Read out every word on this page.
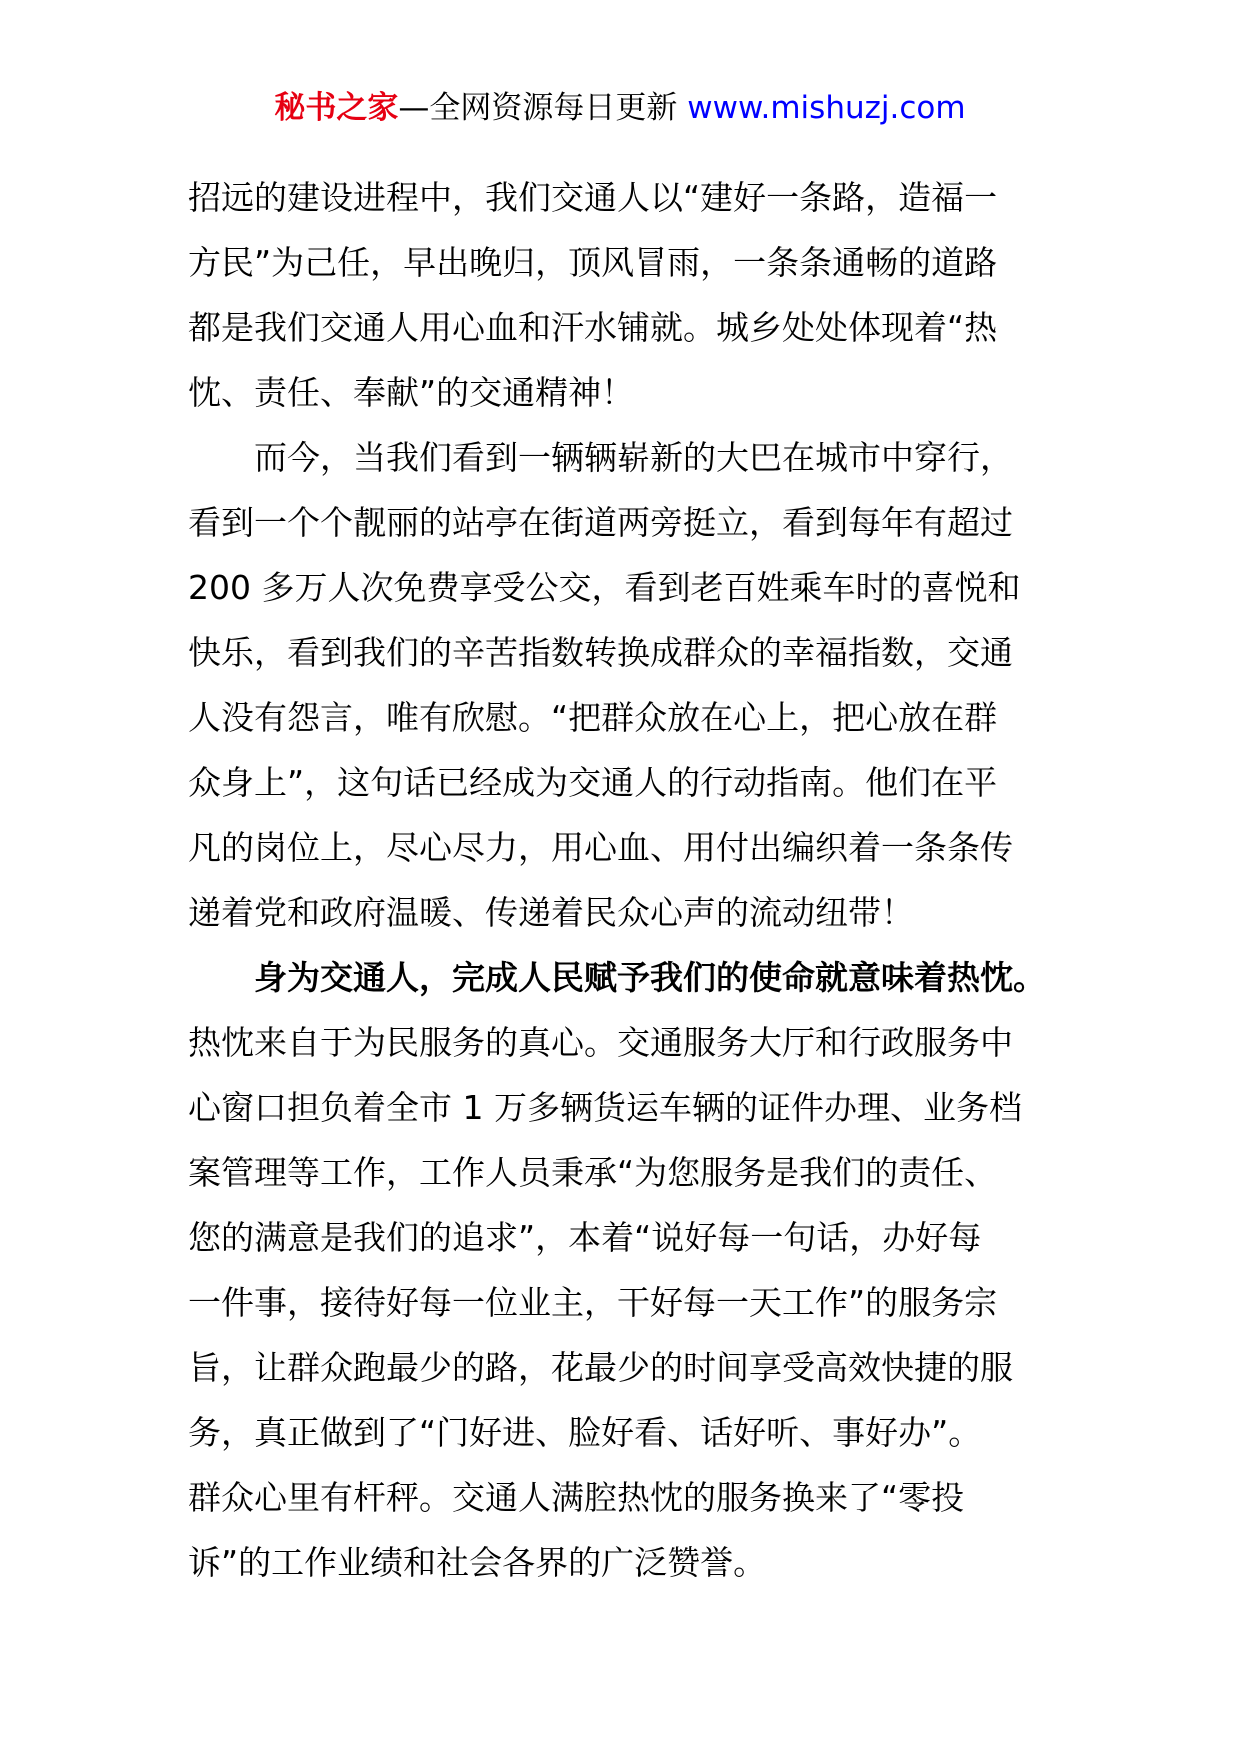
秘书之家—全网资源每日更新 www.mishuzj.com
招远的建设进程中，我们交通人以“建好一条路，造福一
方民”为己任，早出晚归，顶风冒雨，一条条通畅的道路
都是我们交通人用心血和汗水铺就。城乡处处体现着“热
忱、责任、奉献”的交通精神！
而今，当我们看到一辆辆崭新的大巴在城市中穿行，
看到一个个靓丽的站亭在街道两旁挺立，看到每年有超过
200 多万人次免费享受公交，看到老百姓乘车时的喜悦和
快乐，看到我们的辛苦指数转换成群众的幸福指数，交通
人没有怨言，唯有欣慰。“把群众放在心上，把心放在群
众身上”，这句话已经成为交通人的行动指南。他们在平
凡的岗位上，尽心尽力，用心血、用付出编织着一条条传
递着党和政府温暖、传递着民众心声的流动纽带！
身为交通人，完成人民赋予我们的使命就意味着热忱。
热忱来自于为民服务的真心。交通服务大厅和行政服务中
心窗口担负着全市 1 万多辆货运车辆的证件办理、业务档
案管理等工作，工作人员秉承“为您服务是我们的责任、
您的满意是我们的追求”，本着“说好每一句话，办好每
一件事，接待好每一位业主，干好每一天工作”的服务宗
旨，让群众跑最少的路，花最少的时间享受高效快捷的服
务，真正做到了“门好进、脸好看、话好听、事好办”。
群众心里有杆秤。交通人满腔热忱的服务换来了“零投
诉”的工作业绩和社会各界的广泛赞誉。
